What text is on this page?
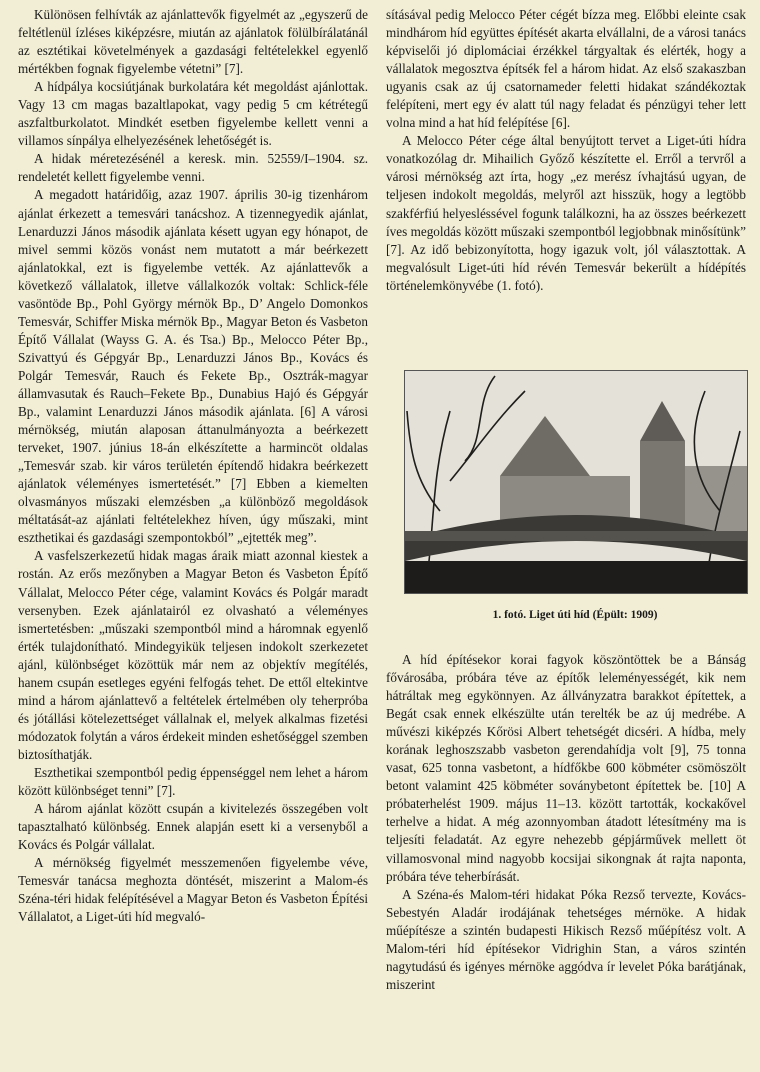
Különösen felhívták az ajánlattevők figyelmét az „egyszerű de feltétlenül ízléses kiképzésre, miután az ajánlatok fölülbírálatánál az esztétikai követelmények a gazdasági feltételekkel egyenlő mértékben fognak figyelembe vétetni” [7].

A hídpálya kocsiútjának burkolatára két megoldást ajánlottak. Vagy 13 cm magas bazaltlapokat, vagy pedig 5 cm kétrétegű aszfaltburkolatot. Mindkét esetben figyelembe kellett venni a villamos sínpálya elhelyezésének lehetőségét is.

A hidak méretezésénél a keresk. min. 52559/I–1904. sz. rendeletét kellett figyelembe venni.

A megadott határidőig, azaz 1907. április 30-ig tizenhárom ajánlat érkezett a temesvári tanácshoz. A tizennegyedik ajánlat, Lenarduzzi János második ajánlata késett ugyan egy hónapot, de mivel semmi közös vonást nem mutatott a már beérkezett ajánlatokkal, ezt is figyelembe vették. Az ajánlattevők a következő vállalatok, illetve vállalkozók voltak: Schlick-féle vasöntöde Bp., Pohl György mérnök Bp., D’ Angelo Domonkos Temesvár, Schiffer Miska mérnök Bp., Magyar Beton és Vasbeton Építő Vállalat (Wayss G. A. és Tsa.) Bp., Melocco Péter Bp., Szivattyú és Gépgyár Bp., Lenarduzzi János Bp., Kovács és Polgár Temesvár, Rauch és Fekete Bp., Osztrák-magyar államvasutak és Rauch–Fekete Bp., Dunabius Hajó és Gépgyár Bp., valamint Lenarduzzi János második ajánlata. [6] A városi mérnökség, miután alaposan áttanulmányozta a beérkezett terveket, 1907. június 18-án elkészítette a harmincöt oldalas „Temesvár szab. kir város területén építendő hidakra beérkezett ajánlatok véleményes ismertetését.” [7] Ebben a kiemelten olvasmányos műszaki elemzésben „a különböző megoldások méltatását-az ajánlati feltételekhez híven, úgy műszaki, mint eszthetikai és gazdasági szempontokból” „ejtették meg”.

A vasfelszerkezetű hidak magas áraik miatt azonnal kiestek a rostán. Az erős mezőnyben a Magyar Beton és Vasbeton Építő Vállalat, Melocco Péter cége, valamint Kovács és Polgár maradt versenyben. Ezek ajánlatairól ez olvasható a véleményes ismertetésben: „műszaki szempontból mind a háromnak egyenlő érték tulajdonítható. Mindegyikük teljesen indokolt szerkezetet ajánl, különbséget közöttük már nem az objektív megítélés, hanem csupán esetleges egyéni felfogás tehet. De ettől eltekintve mind a három ajánlattevő a feltételek értelmében oly teherpróba és jótállási kötelezettséget vállalnak el, melyek alkalmas fizetési módozatok folytán a város érdekeit minden eshetőséggel szemben biztosíthatják.

Eszthetikai szempontból pedig éppenséggel nem lehet a három között különbséget tenni” [7].

A három ajánlat között csupán a kivitelezés összegében volt tapasztalható különbség. Ennek alapján esett ki a versenyből a Kovács és Polgár vállalat.

A mérnökség figyelmét messzemenően figyelembe véve, Temesvár tanácsa meghozta döntését, miszerint a Malom-és Széna-téri hidak felépítésével a Magyar Beton és Vasbeton Építési Vállalatot, a Liget-úti híd megvaló-

sításával pedig Melocco Péter cégét bízza meg. Előbbi eleinte csak mindhárom híd együttes építését akarta elvállalni, de a városi tanács képviselői jó diplomáciai érzékkel tárgyaltak és elérték, hogy a vállalatok megosztva építsék fel a három hidat. Az első szakaszban ugyanis csak az új csatornameder feletti hidakat szándékoztak felépíteni, mert egy év alatt túl nagy feladat és pénzügyi teher lett volna mind a hat híd felépítése [6].

A Melocco Péter cége által benyújtott tervet a Liget-úti hídra vonatkozólag dr. Mihailich Győző készítette el. Erről a tervről a városi mérnökség azt írta, hogy „ez merész ívhajtású ugyan, de teljesen indokolt megoldás, melyről azt hisszük, hogy a legtöbb szakférfiú helyesléssével fogunk találkozni, ha az összes beérkezett íves megoldás között műszaki szempontból legjobbnak minősítünk” [7]. Az idő bebizonyította, hogy igazuk volt, jól választottak. A megvalósult Liget-úti híd révén Temesvár bekerült a hídépítés történelemkönyvébe (1. fotó).

1. fotó. Liget úti híd (Épült: 1909)

A híd építésekor korai fagyok köszöntöttek be a Bánság fővárosába, próbára téve az építők leleményességét, kik nem hátráltak meg egykönnyen. Az állványzatra barakkot építettek, a Begát csak ennek elkészülte után terelték be az új medrébe. A művészi kiképzés Kőrösi Albert tehetségét dicséri. A hídba, mely korának leghoszszabb vasbeton gerendahídja volt [9], 75 tonna vasat, 625 tonna vasbetont, a hídfőkbe 600 köbméter csömöszölt betont valamint 425 köbméter soványbetont építettek be. [10] A próbaterhelést 1909. május 11–13. között tartották, kockakővel terhelve a hidat. A még azonnyomban átadott létesítmény ma is teljesíti feladatát. Az egyre nehezebb gépjárművek mellett öt villamosvonal mind nagyobb kocsijai sikongnak át rajta naponta, próbára téve teherbírását.

A Széna-és Malom-téri hidakat Póka Rezső tervezte, Kovács-Sebestyén Aladár irodájának tehetséges mérnöke. A hidak műépítésze a szintén budapesti Hikisch Rezső műépítész volt. A Malom-téri híd építésekor Vidrighin Stan, a város szintén nagytudású és igényes mérnöke aggódva ír levelet Póka barátjának, miszerint
